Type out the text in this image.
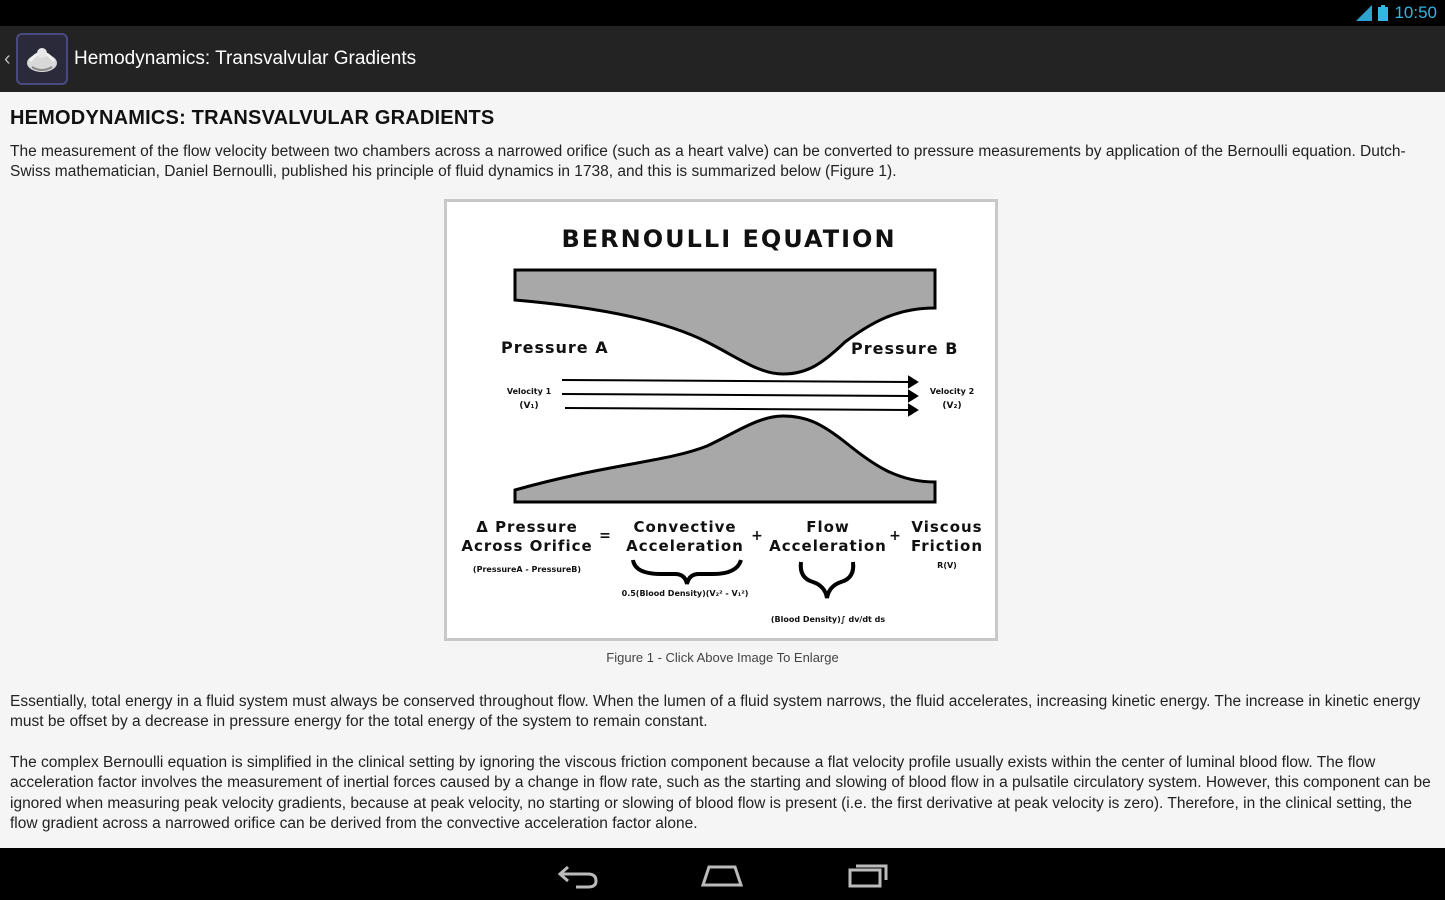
10:50
‹	Hemodynamics: Transvalvular Gradients
HEMODYNAMICS: TRANSVALVULAR GRADIENTS
The measurement of the flow velocity between two chambers across a narrowed orifice (such as a heart valve) can be converted to pressure measurements by application of the Bernoulli equation. Dutch-Swiss mathematician, Daniel Bernoulli, published his principle of fluid dynamics in 1738, and this is summarized below (Figure 1).
BERNOULLI EQUATION
Pressure A	Pressure B
Velocity 1
(V₁)
Velocity 2
(V₂)
Δ Pressure
Across Orifice
(PressureA - PressureB)
= Convective
Acceleration
0.5(Blood Density)(V₂² - V₁²)
+	Flow
Acceleration
(Blood Density)∫ dv/dt ds
+ Viscous
Friction
R(V)
Figure 1 - Click Above Image To Enlarge
Essentially, total energy in a fluid system must always be conserved throughout flow. When the lumen of a fluid system narrows, the fluid accelerates, increasing kinetic energy. The increase in kinetic energy must be offset by a decrease in pressure energy for the total energy of the system to remain constant.
The complex Bernoulli equation is simplified in the clinical setting by ignoring the viscous friction component because a flat velocity profile usually exists within the center of luminal blood flow. The flow acceleration factor involves the measurement of inertial forces caused by a change in flow rate, such as the starting and slowing of blood flow in a pulsatile circulatory system. However, this component can be ignored when measuring peak velocity gradients, because at peak velocity, no starting or slowing of blood flow is present (i.e. the first derivative at peak velocity is zero). Therefore, in the clinical setting, the flow gradient across a narrowed orifice can be derived from the convective acceleration factor alone.
